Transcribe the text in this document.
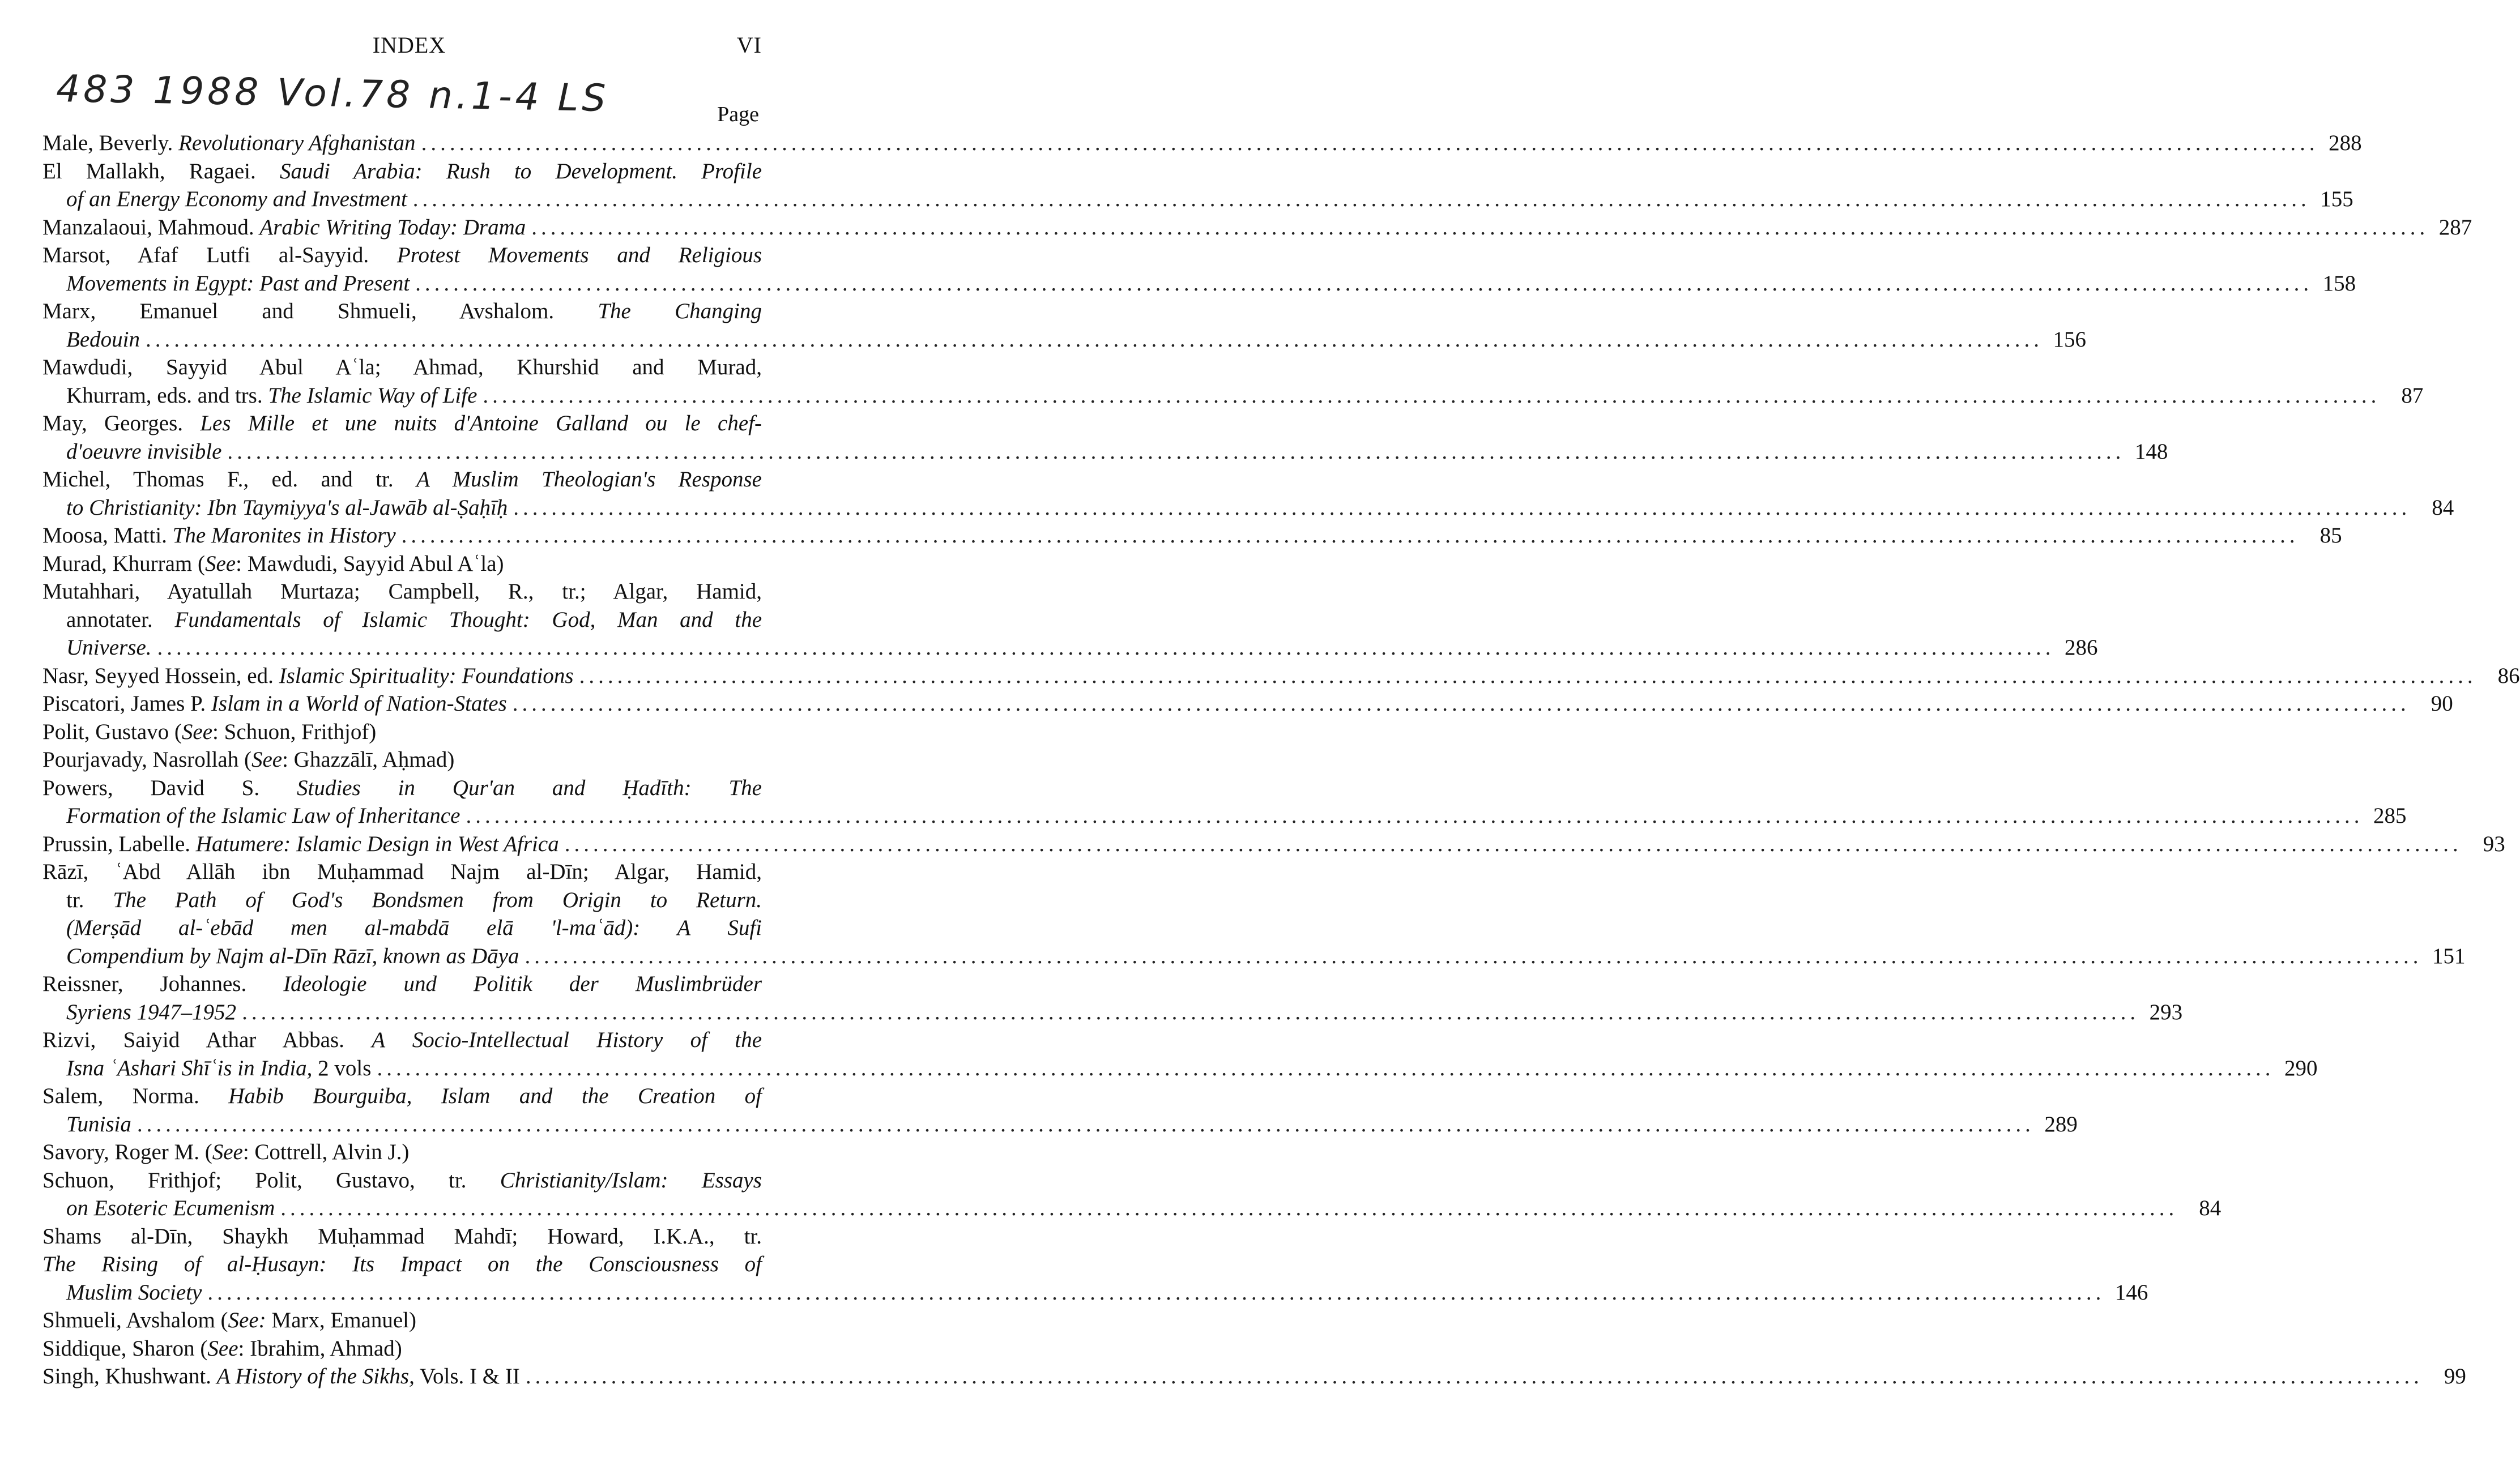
INDEX	VI
483 1988 Vol.78 n.1-4 LS	Page
Male, Beverly. Revolutionary Afghanistan ........................................................................................................................................................................................................ 288
El Mallakh, Ragaei. Saudi Arabia: Rush to Development. Profile
of an Energy Economy and Investment ........................................................................................................................................................................................................ 155
Manzalaoui, Mahmoud. Arabic Writing Today: Drama ........................................................................................................................................................................................................ 287
Marsot, Afaf Lutfi al-Sayyid. Protest Movements and Religious
Movements in Egypt: Past and Present ........................................................................................................................................................................................................ 158
Marx, Emanuel and Shmueli, Avshalom. The Changing
Bedouin ........................................................................................................................................................................................................ 156
Mawdudi, Sayyid Abul Aʿla; Ahmad, Khurshid and Murad,
Khurram, eds. and trs. The Islamic Way of Life ........................................................................................................................................................................................................ 87
May, Georges. Les Mille et une nuits d'Antoine Galland ou le chef-
d'oeuvre invisible ........................................................................................................................................................................................................ 148
Michel, Thomas F., ed. and tr. A Muslim Theologian's Response
to Christianity: Ibn Taymiyya's al-Jawāb al-Ṣaḥīḥ ........................................................................................................................................................................................................ 84
Moosa, Matti. The Maronites in History ........................................................................................................................................................................................................ 85
Murad, Khurram (See: Mawdudi, Sayyid Abul Aʿla)
Mutahhari, Ayatullah Murtaza; Campbell, R., tr.; Algar, Hamid,
annotater. Fundamentals of Islamic Thought: God, Man and the
Universe. ........................................................................................................................................................................................................ 286
Nasr, Seyyed Hossein, ed. Islamic Spirituality: Foundations ........................................................................................................................................................................................................ 86
Piscatori, James P. Islam in a World of Nation-States ........................................................................................................................................................................................................ 90
Polit, Gustavo (See: Schuon, Frithjof)
Pourjavady, Nasrollah (See: Ghazzālī, Aḥmad)
Powers, David S. Studies in Qur'an and Ḥadīth: The
Formation of the Islamic Law of Inheritance ........................................................................................................................................................................................................ 285
Prussin, Labelle. Hatumere: Islamic Design in West Africa ........................................................................................................................................................................................................ 93
Rāzī, ʿAbd Allāh ibn Muḥammad Najm al-Dīn; Algar, Hamid,
tr. The Path of God's Bondsmen from Origin to Return.
(Merṣād al-ʿebād men al-mabdā elā 'l-maʿād): A Sufi
Compendium by Najm al-Dīn Rāzī, known as Dāya ........................................................................................................................................................................................................ 151
Reissner, Johannes. Ideologie und Politik der Muslimbrüder
Syriens 1947–1952 ........................................................................................................................................................................................................ 293
Rizvi, Saiyid Athar Abbas. A Socio-Intellectual History of the
Isna ʿAshari Shīʿis in India, 2 vols ........................................................................................................................................................................................................ 290
Salem, Norma. Habib Bourguiba, Islam and the Creation of
Tunisia ........................................................................................................................................................................................................ 289
Savory, Roger M. (See: Cottrell, Alvin J.)
Schuon, Frithjof; Polit, Gustavo, tr. Christianity/Islam: Essays
on Esoteric Ecumenism ........................................................................................................................................................................................................ 84
Shams al-Dīn, Shaykh Muḥammad Mahdī; Howard, I.K.A., tr.
The Rising of al-Ḥusayn: Its Impact on the Consciousness of
Muslim Society ........................................................................................................................................................................................................ 146
Shmueli, Avshalom (See: Marx, Emanuel)
Siddique, Sharon (See: Ibrahim, Ahmad)
Singh, Khushwant. A History of the Sikhs, Vols. I & II ........................................................................................................................................................................................................ 99
